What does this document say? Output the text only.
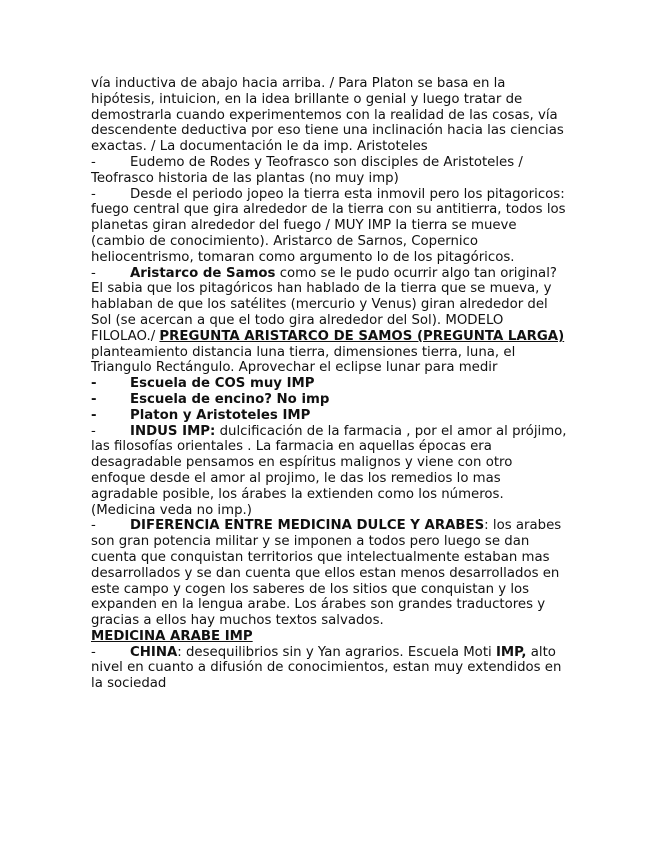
vía inductiva de abajo hacia arriba. / Para Platon se basa en la hipótesis, intuicion, en la idea brillante o genial y luego tratar de demostrarla cuando experimentemos con la realidad de las cosas, vía descendente deductiva por eso tiene una inclinación hacia las ciencias exactas. / La documentación le da imp. Aristoteles

-	Eudemo de Rodes y Teofrasco son disciples de Aristoteles / Teofrasco historia de las plantas (no muy imp)

-	Desde el periodo jopeo la tierra esta inmovil pero los pitagoricos: fuego central que gira alrededor de la tierra con su antitierra, todos los planetas giran alrededor del fuego / MUY IMP la tierra se mueve (cambio de conocimiento). Aristarco de Sarnos, Copernico heliocentrismo, tomaran como argumento lo de los pitagóricos.

-	Aristarco de Samos como se le pudo ocurrir algo tan original? El sabia que los pitagóricos han hablado de la tierra que se mueva, y hablaban de que los satélites (mercurio y Venus) giran alrededor del Sol (se acercan a que el todo gira alrededor del Sol). MODELO FILOLAO./ PREGUNTA ARISTARCO DE SAMOS (PREGUNTA LARGA) planteamiento distancia luna tierra, dimensiones tierra, luna, el Triangulo Rectángulo. Aprovechar el eclipse lunar para medir

-	Escuela de COS muy IMP

-	Escuela de encino? No imp

-	Platon y Aristoteles IMP

-	INDUS IMP: dulcificación de la farmacia , por el amor al prójimo, las filosofías orientales . La farmacia en aquellas épocas era desagradable pensamos en espíritus malignos y viene con otro enfoque desde el amor al projimo, le das los remedios lo mas agradable posible, los árabes la extienden como los números. (Medicina veda no imp.)

-	DIFERENCIA ENTRE MEDICINA DULCE Y ARABES: los arabes son gran potencia militar y se imponen a todos pero luego se dan cuenta que conquistan territorios que intelectualmente estaban mas desarrollados y se dan cuenta que ellos estan menos desarrollados en este campo y cogen los saberes de los sitios que conquistan y los expanden en la lengua arabe. Los árabes son grandes traductores y gracias a ellos hay muchos textos salvados.

MEDICINA ARABE IMP

-	CHINA: desequilibrios sin y Yan agrarios. Escuela Moti IMP, alto nivel en cuanto a difusión de conocimientos, estan muy extendidos en la sociedad
